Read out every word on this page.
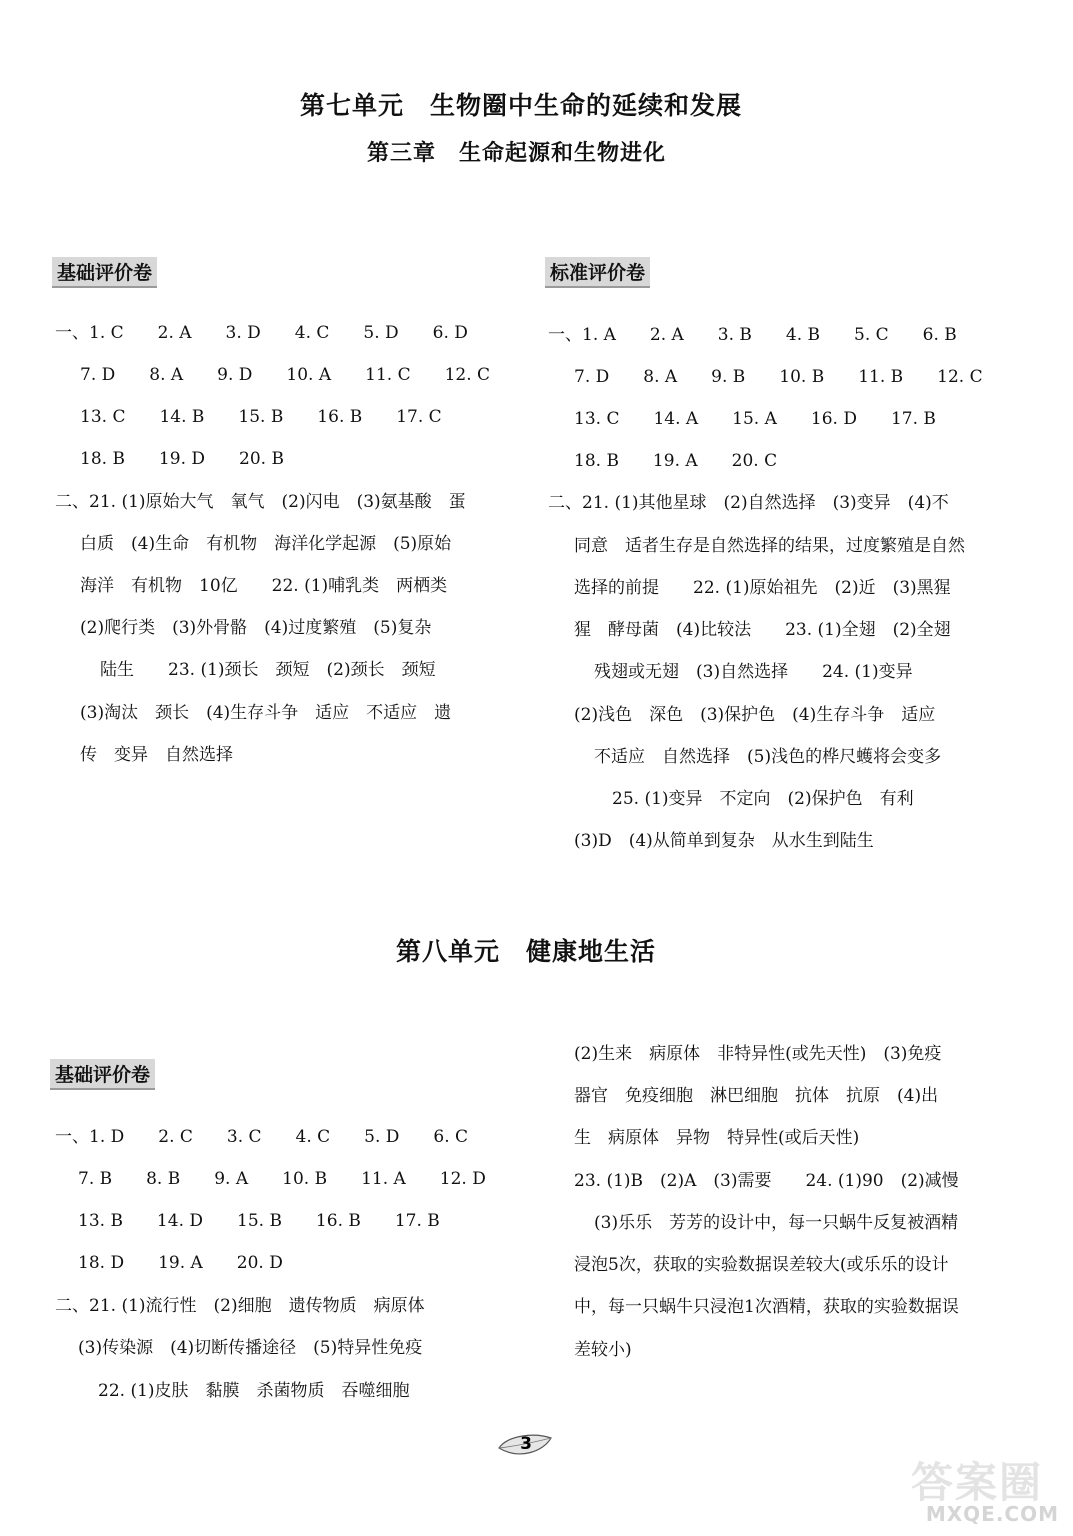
第七单元　生物圈中生命的延续和发展
第三章　生命起源和生物进化
基础评价卷
一、1. C　　2. A　　3. D　　4. C　　5. D　　6. D
7. D　　8. A　　9. D　　10. A　　11. C　　12. C
13. C　　14. B　　15. B　　16. B　　17. C
18. B　　19. D　　20. B
二、21. (1)原始大气　氧气　(2)闪电　(3)氨基酸　蛋
白质　(4)生命　有机物　海洋化学起源　(5)原始
海洋　有机物　10亿　　22. (1)哺乳类　两栖类
(2)爬行类　(3)外骨骼　(4)过度繁殖　(5)复杂
陆生　　23. (1)颈长　颈短　(2)颈长　颈短
(3)淘汰　颈长　(4)生存斗争　适应　不适应　遗
传　变异　自然选择
标准评价卷
一、1. A　　2. A　　3. B　　4. B　　5. C　　6. B
7. D　　8. A　　9. B　　10. B　　11. B　　12. C
13. C　　14. A　　15. A　　16. D　　17. B
18. B　　19. A　　20. C
二、21. (1)其他星球　(2)自然选择　(3)变异　(4)不
同意　适者生存是自然选择的结果，过度繁殖是自然
选择的前提　　22. (1)原始祖先　(2)近　(3)黑猩
猩　酵母菌　(4)比较法　　23. (1)全翅　(2)全翅
残翅或无翅　(3)自然选择　　24. (1)变异
(2)浅色　深色　(3)保护色　(4)生存斗争　适应
不适应　自然选择　(5)浅色的桦尺蠖将会变多
25. (1)变异　不定向　(2)保护色　有利
(3)D　(4)从简单到复杂　从水生到陆生
第八单元　健康地生活
基础评价卷
一、1. D　　2. C　　3. C　　4. C　　5. D　　6. C
7. B　　8. B　　9. A　　10. B　　11. A　　12. D
13. B　　14. D　　15. B　　16. B　　17. B
18. D　　19. A　　20. D
二、21. (1)流行性　(2)细胞　遗传物质　病原体
(3)传染源　(4)切断传播途径　(5)特异性免疫
22. (1)皮肤　黏膜　杀菌物质　吞噬细胞
(2)生来　病原体　非特异性(或先天性)　(3)免疫
器官　免疫细胞　淋巴细胞　抗体　抗原　(4)出
生　病原体　异物　特异性(或后天性)
23. (1)B　(2)A　(3)需要　　24. (1)90　(2)减慢
(3)乐乐　芳芳的设计中，每一只蜗牛反复被酒精
浸泡5次，获取的实验数据误差较大(或乐乐的设计
中，每一只蜗牛只浸泡1次酒精，获取的实验数据误
差较小)
3
答案圈
MXQE.COM
